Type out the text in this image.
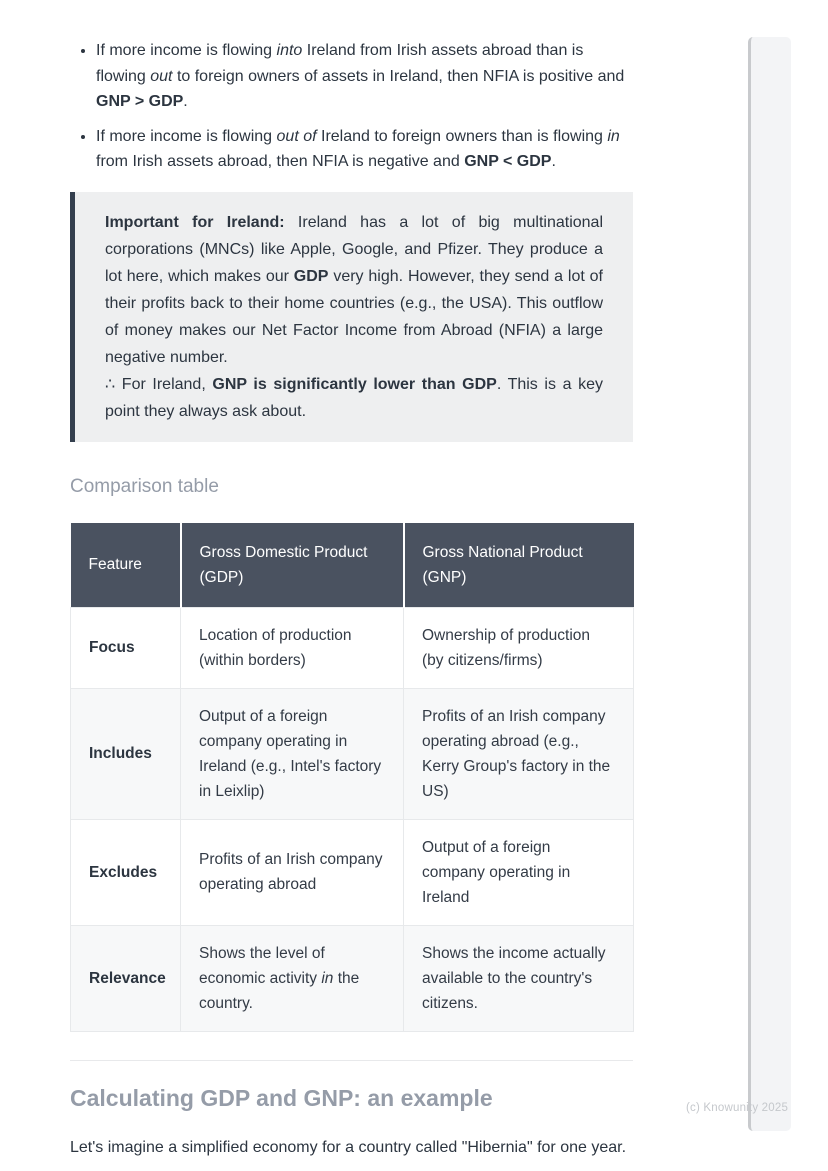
• If more income is flowing into Ireland from Irish assets abroad than is flowing out to foreign owners of assets in Ireland, then NFIA is positive and GNP > GDP.
• If more income is flowing out of Ireland to foreign owners than is flowing in from Irish assets abroad, then NFIA is negative and GNP < GDP.

Important for Ireland: Ireland has a lot of big multinational corporations (MNCs) like Apple, Google, and Pfizer. They produce a lot here, which makes our GDP very high. However, they send a lot of their profits back to their home countries (e.g., the USA). This outflow of money makes our Net Factor Income from Abroad (NFIA) a large negative number.
∴ For Ireland, GNP is significantly lower than GDP. This is a key point they always ask about.

Comparison table
Feature	Gross Domestic Product (GDP)	Gross National Product (GNP)
Focus	Location of production (within borders)	Ownership of production (by citizens/firms)
Includes	Output of a foreign company operating in Ireland (e.g., Intel's factory in Leixlip)	Profits of an Irish company operating abroad (e.g., Kerry Group's factory in the US)
Excludes	Profits of an Irish company operating abroad	Output of a foreign company operating in Ireland
Relevance	Shows the level of economic activity in the country.	Shows the income actually available to the country's citizens.
Calculating GDP and GNP: an example

Let's imagine a simplified economy for a country called "Hibernia" for one year.

(c) Knowunity 2025
